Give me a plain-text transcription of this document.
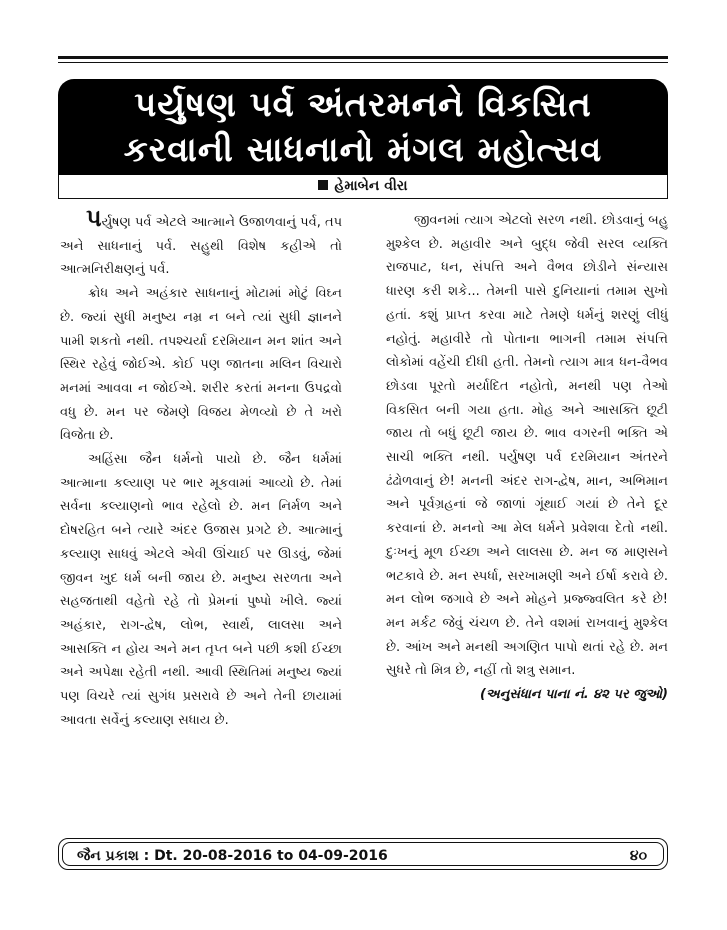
પર્યુષણ પર્વ અંતરમનને વિકસિત
કરવાની સાધનાનો મંગલ મહોત્સવ
હેમાબેન વીરા

પર્યુષણ પર્વ એટલે આત્માને ઉજાળવાનું પર્વ, તપ અને સાધનાનું પર્વ. સહુથી વિશેષ કહીએ તો આત્મનિરીક્ષણનું પર્વ.

ક્રોધ અને અહંકાર સાધનાનું મોટામાં મોટું વિઘ્ન છે. જ્યાં સુધી મનુષ્ય નમ્ર ન બને ત્યાં સુધી જ્ઞાનને પામી શકતો નથી. તપશ્ચર્યા દરમિયાન મન શાંત અને સ્થિર રહેવું જોઈએ. કોઈ પણ જાતના મલિન વિચારો મનમાં આવવા ન જોઈએ. શરીર કરતાં મનના ઉપદ્રવો વધુ છે. મન પર જેમણે વિજય મેળવ્યો છે તે ખરો વિજેતા છે.

અહિંસા જૈન ધર્મનો પાયો છે. જૈન ધર્મમાં આત્માના કલ્યાણ પર ભાર મૂકવામાં આવ્યો છે. તેમાં સર્વના કલ્યાણનો ભાવ રહેલો છે. મન નિર્મળ અને દોષરહિત બને ત્યારે અંદર ઉજાસ પ્રગટે છે. આત્માનું કલ્યાણ સાધવું એટલે એવી ઊંચાઈ પર ઊડવું, જેમાં જીવન ખુદ ધર્મ બની જાય છે. મનુષ્ય સરળતા અને સહજતાથી વહેતો રહે તો પ્રેમનાં પુષ્પો ખીલે. જ્યાં અહંકાર, રાગ-દ્વેષ, લોભ, સ્વાર્થ, લાલસા અને આસક્તિ ન હોય અને મન તૃપ્ત બને પછી કશી ઈચ્છા અને અપેક્ષા રહેતી નથી. આવી સ્થિતિમાં મનુષ્ય જ્યાં પણ વિચરે ત્યાં સુગંધ પ્રસરાવે છે અને તેની છાયામાં આવતા સર્વેનું કલ્યાણ સધાય છે.

જીવનમાં ત્યાગ એટલો સરળ નથી. છોડવાનું બહુ મુશ્કેલ છે. મહાવીર અને બુદ્ધ જેવી સરલ વ્યક્તિ રાજપાટ, ધન, સંપત્તિ અને વૈભવ છોડીને સંન્યાસ ધારણ કરી શકે... તેમની પાસે દુનિયાનાં તમામ સુખો હતાં. કશું પ્રાપ્ત કરવા માટે તેમણે ધર્મનું શરણું લીધું નહોતું. મહાવીરે તો પોતાના ભાગની તમામ સંપત્તિ લોકોમાં વહેંચી દીધી હતી. તેમનો ત્યાગ માત્ર ધન-વૈભવ છોડવા પૂરતો મર્યાદિત નહોતો, મનથી પણ તેઓ વિકસિત બની ગયા હતા. મોહ અને આસક્તિ છૂટી જાય તો બધું છૂટી જાય છે. ભાવ વગરની ભક્તિ એ સાચી ભક્તિ નથી. પર્યુષણ પર્વ દરમિયાન અંતરને ઢંઢોળવાનું છે! મનની અંદર રાગ-દ્વેષ, માન, અભિમાન અને પૂર્વગ્રહનાં જે જાળાં ગૂંથાઈ ગયાં છે તેને દૂર કરવાનાં છે. મનનો આ મેલ ધર્મને પ્રવેશવા દેતો નથી. દુઃખનું મૂળ ઈચ્છા અને લાલસા છે. મન જ માણસને ભટકાવે છે. મન સ્પર્ધા, સરખામણી અને ઈર્ષા કરાવે છે. મન લોભ જગાવે છે અને મોહને પ્રજ્જ્વલિત કરે છે! મન મર્કટ જેવું ચંચળ છે. તેને વશમાં રાખવાનું મુશ્કેલ છે. આંખ અને મનથી અગણિત પાપો થતાં રહે છે. મન સુધરે તો મિત્ર છે, નહીં તો શત્રુ સમાન.

(અનુસંધાન પાના નં. ૪૨ ૫ર જુઓ)

જૈન પ્રકાશ : Dt. 20-08-2016 to 04-09-2016	૪૦
